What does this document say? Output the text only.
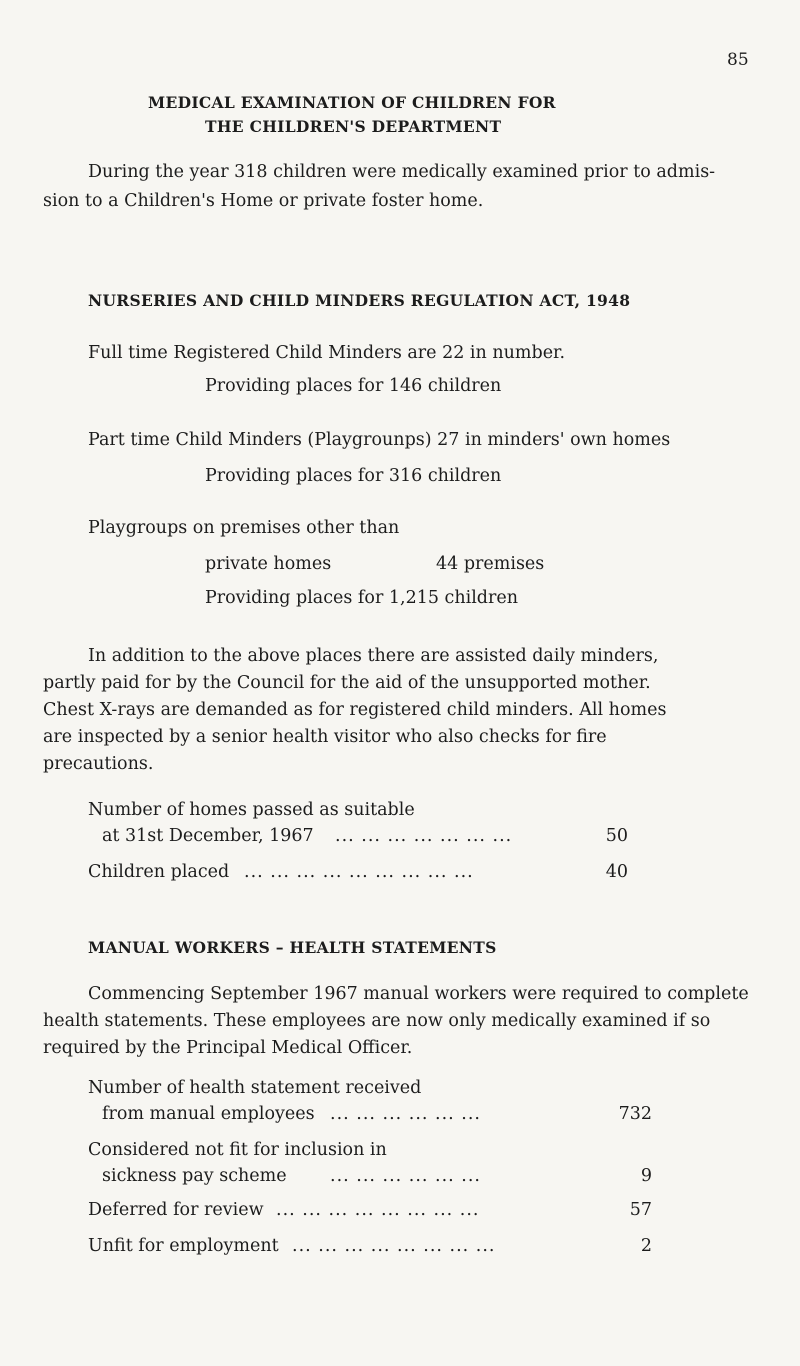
85
MEDICAL EXAMINATION OF CHILDREN FOR
THE CHILDREN'S DEPARTMENT
During the year 318 children were medically examined prior to admis-
sion to a Children's Home or private foster home.
NURSERIES AND CHILD MINDERS REGULATION ACT, 1948
Full time Registered Child Minders are 22 in number.
Providing places for 146 children
Part time Child Minders (Playgrounps) 27 in minders' own homes
Providing places for 316 children
Playgroups on premises other than
private homes	44 premises
Providing places for 1,215 children
In addition to the above places there are assisted daily minders,
partly paid for by the Council for the aid of the unsupported mother.
Chest X-rays are demanded as for registered child minders. All homes
are inspected by a senior health visitor who also checks for fire
precautions.
Number of homes passed as suitable
at 31st December, 1967 ... ... ... ... ... ... ...	50
Children placed ... ... ... ... ... ... ... ... ...	40
MANUAL WORKERS – HEALTH STATEMENTS
Commencing September 1967 manual workers were required to complete
health statements. These employees are now only medically examined if so
required by the Principal Medical Officer.
Number of health statement received
from manual employees ... ... ... ... ... ...	732
Considered not fit for inclusion in
sickness pay scheme ... ... ... ... ... ...	9
Deferred for review ... ... ... ... ... ... ... ...	57
Unfit for employment ... ... ... ... ... ... ... ...	2
